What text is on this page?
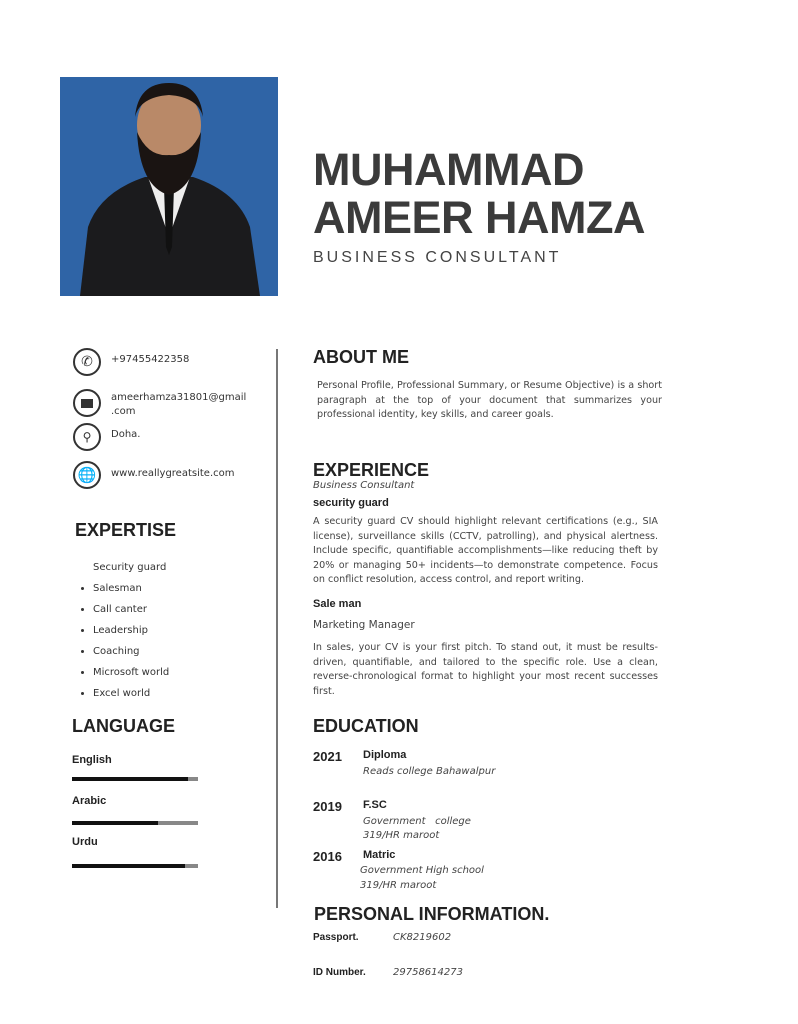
MUHAMMAD
AMEER HAMZA
BUSINESS CONSULTANT
✆ +97455422358
ameerhamza31801@gmail
.com
⚲ Doha.
🌐 www.reallygreatsite.com
EXPERTISE
Security guard
Salesman
Call canter
Leadership
Coaching
Microsoft world
Excel world
LANGUAGE
English
Arabic
Urdu
ABOUT ME
Personal Profile, Professional Summary, or Resume Objective) is a short paragraph at the top of your document that summarizes your professional identity, key skills, and career goals.
EXPERIENCE
Business Consultant
security guard
A security guard CV should highlight relevant certifications (e.g., SIA license), surveillance skills (CCTV, patrolling), and physical alertness. Include specific, quantifiable accomplishments—like reducing theft by 20% or managing 50+ incidents—to demonstrate competence. Focus on conflict resolution, access control, and report writing.
Sale man
Marketing Manager
In sales, your CV is your first pitch. To stand out, it must be results-driven, quantifiable, and tailored to the specific role. Use a clean, reverse-chronological format to highlight your most recent successes first.
EDUCATION
2021 Diploma
Reads college Bahawalpur
2019 F.SC
Government   college
319/HR maroot
2016 Matric
Government High school
319/HR maroot
PERSONAL INFORMATION.
Passport.	CK8219602
ID Number.	29758614273
